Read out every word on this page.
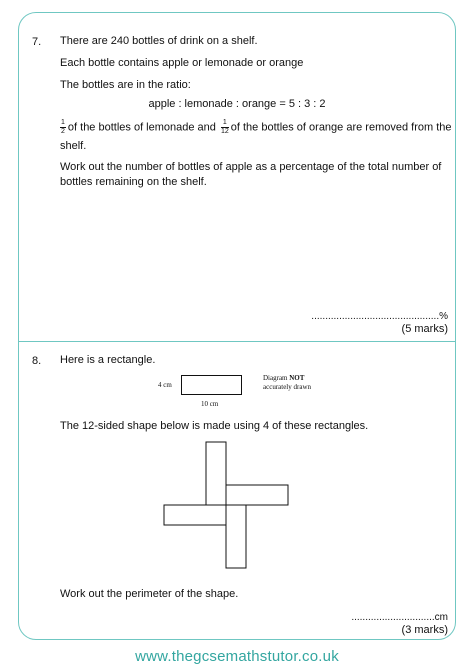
7. There are 240 bottles of drink on a shelf.
Each bottle contains apple or lemonade or orange
The bottles are in the ratio:
apple : lemonade : orange = 5 : 3 : 2
$\frac{1}{2}$ of the bottles of lemonade and $\frac{1}{12}$ of the bottles of orange are removed from the
shelf.
Work out the number of bottles of apple as a percentage of the total number of
bottles remaining on the shelf.
..............................................%
(5 marks)
8. Here is a rectangle.
4 cm
10 cm
Diagram NOT
accurately drawn
The 12-sided shape below is made using 4 of these rectangles.
Work out the perimeter of the shape.
..............................cm
(3 marks)
www.thegcsemathstutor.co.uk
